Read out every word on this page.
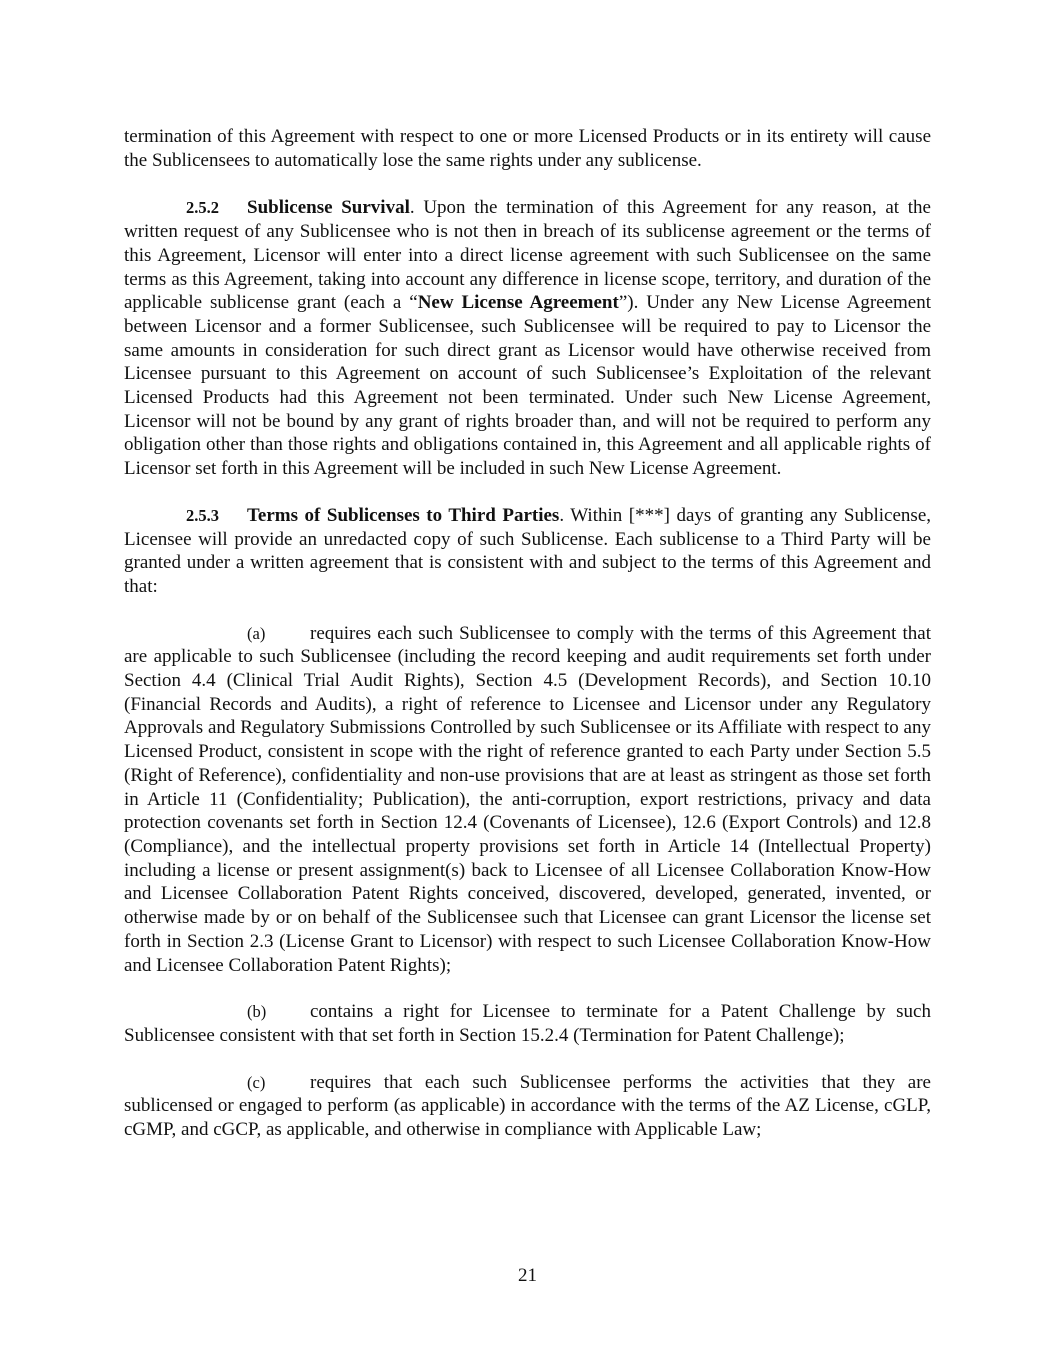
termination of this Agreement with respect to one or more Licensed Products or in its entirety will cause the Sublicensees to automatically lose the same rights under any sublicense.

2.5.2 Sublicense Survival. Upon the termination of this Agreement for any reason, at the written request of any Sublicensee who is not then in breach of its sublicense agreement or the terms of this Agreement, Licensor will enter into a direct license agreement with such Sublicensee on the same terms as this Agreement, taking into account any difference in license scope, territory, and duration of the applicable sublicense grant (each a “New License Agreement”). Under any New License Agreement between Licensor and a former Sublicensee, such Sublicensee will be required to pay to Licensor the same amounts in consideration for such direct grant as Licensor would have otherwise received from Licensee pursuant to this Agreement on account of such Sublicensee’s Exploitation of the relevant Licensed Products had this Agreement not been terminated. Under such New License Agreement, Licensor will not be bound by any grant of rights broader than, and will not be required to perform any obligation other than those rights and obligations contained in, this Agreement and all applicable rights of Licensor set forth in this Agreement will be included in such New License Agreement.

2.5.3 Terms of Sublicenses to Third Parties. Within [***] days of granting any Sublicense, Licensee will provide an unredacted copy of such Sublicense. Each sublicense to a Third Party will be granted under a written agreement that is consistent with and subject to the terms of this Agreement and that:

(a) requires each such Sublicensee to comply with the terms of this Agreement that are applicable to such Sublicensee (including the record keeping and audit requirements set forth under Section 4.4 (Clinical Trial Audit Rights), Section 4.5 (Development Records), and Section 10.10 (Financial Records and Audits), a right of reference to Licensee and Licensor under any Regulatory Approvals and Regulatory Submissions Controlled by such Sublicensee or its Affiliate with respect to any Licensed Product, consistent in scope with the right of reference granted to each Party under Section 5.5 (Right of Reference), confidentiality and non-use provisions that are at least as stringent as those set forth in Article 11 (Confidentiality; Publication), the anti-corruption, export restrictions, privacy and data protection covenants set forth in Section 12.4 (Covenants of Licensee), 12.6 (Export Controls) and 12.8 (Compliance), and the intellectual property provisions set forth in Article 14 (Intellectual Property) including a license or present assignment(s) back to Licensee of all Licensee Collaboration Know-How and Licensee Collaboration Patent Rights conceived, discovered, developed, generated, invented, or otherwise made by or on behalf of the Sublicensee such that Licensee can grant Licensor the license set forth in Section 2.3 (License Grant to Licensor) with respect to such Licensee Collaboration Know-How and Licensee Collaboration Patent Rights);

(b) contains a right for Licensee to terminate for a Patent Challenge by such Sublicensee consistent with that set forth in Section 15.2.4 (Termination for Patent Challenge);

(c) requires that each such Sublicensee performs the activities that they are sublicensed or engaged to perform (as applicable) in accordance with the terms of the AZ License, cGLP, cGMP, and cGCP, as applicable, and otherwise in compliance with Applicable Law;

21
